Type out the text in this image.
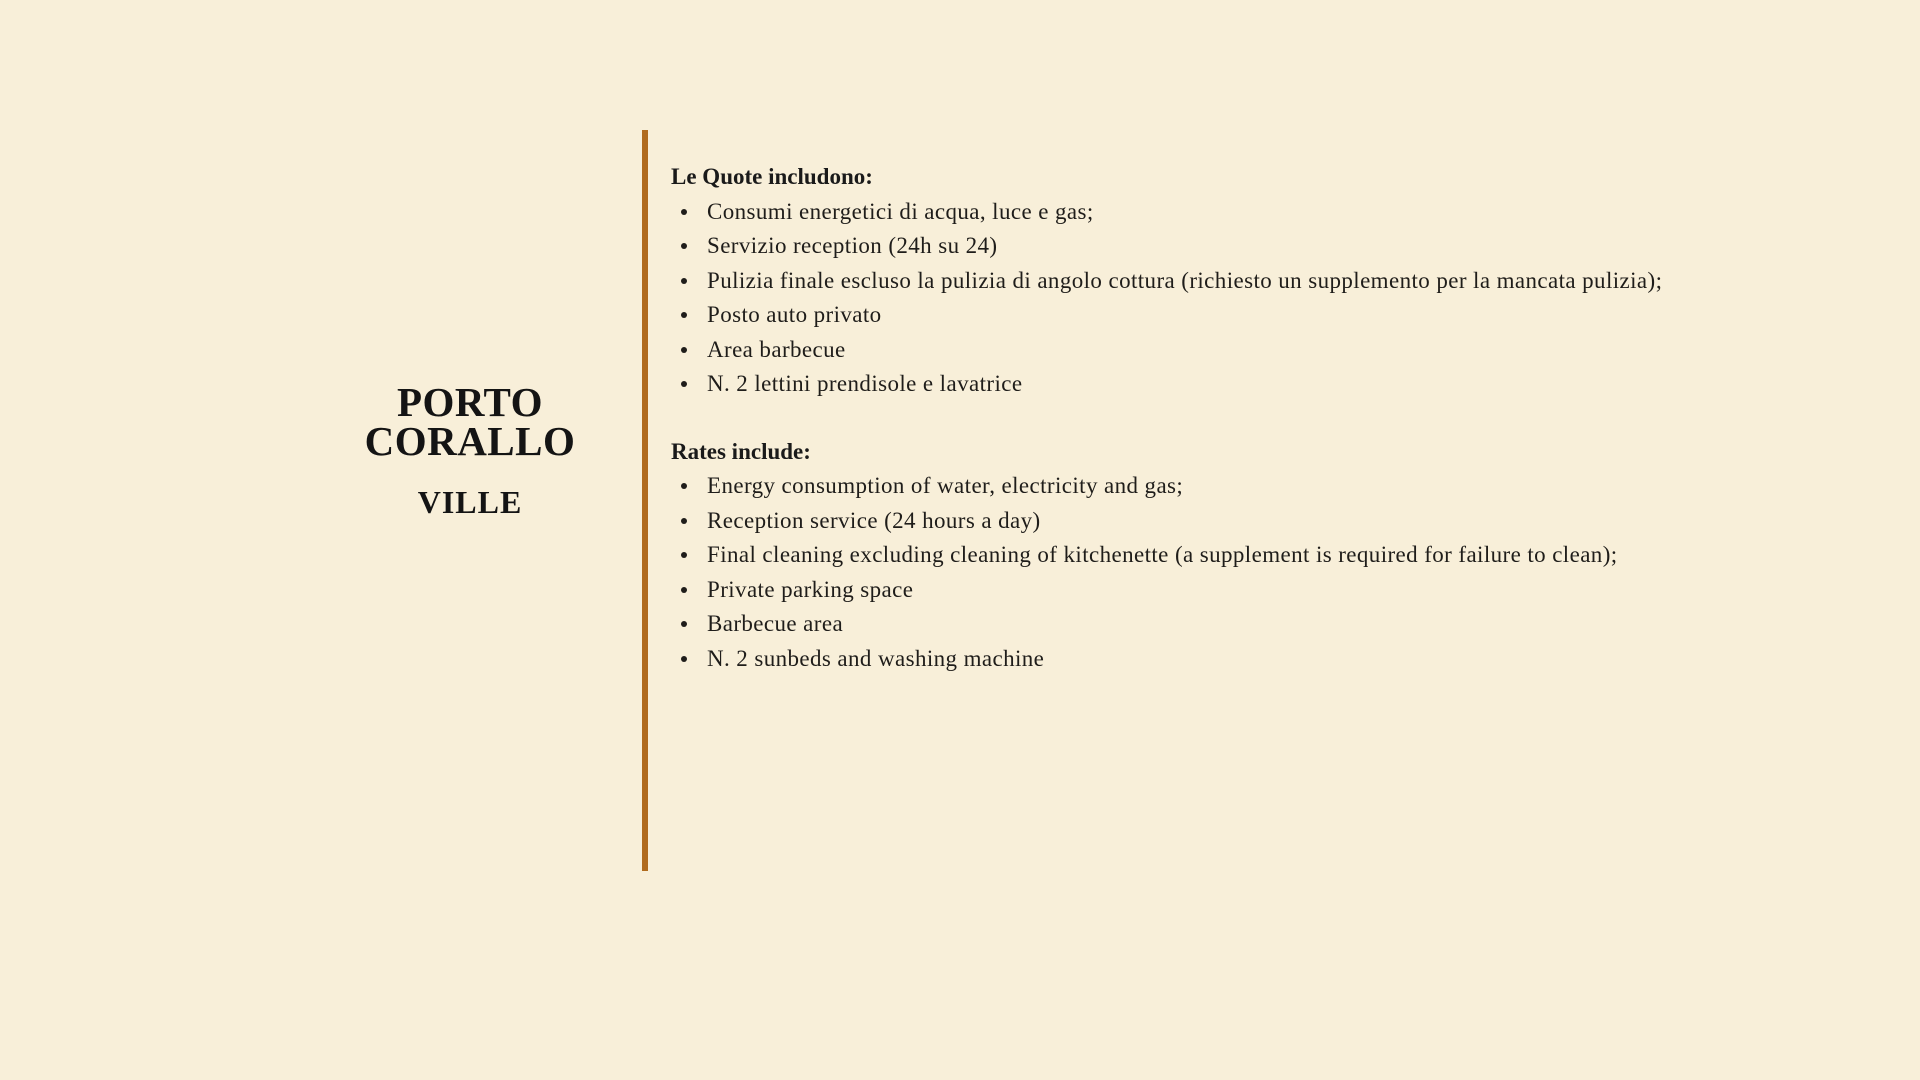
PORTO
CORALLO
VILLE
Le Quote includono:
Consumi energetici di acqua, luce e gas;
Servizio reception (24h su 24)
Pulizia finale escluso la pulizia di angolo cottura (richiesto un supplemento per la mancata pulizia);
Posto auto privato
Area barbecue
N. 2 lettini prendisole e lavatrice
Rates include:
Energy consumption of water, electricity and gas;
Reception service (24 hours a day)
Final cleaning excluding cleaning of kitchenette (a supplement is required for failure to clean);
Private parking space
Barbecue area
N. 2 sunbeds and washing machine
